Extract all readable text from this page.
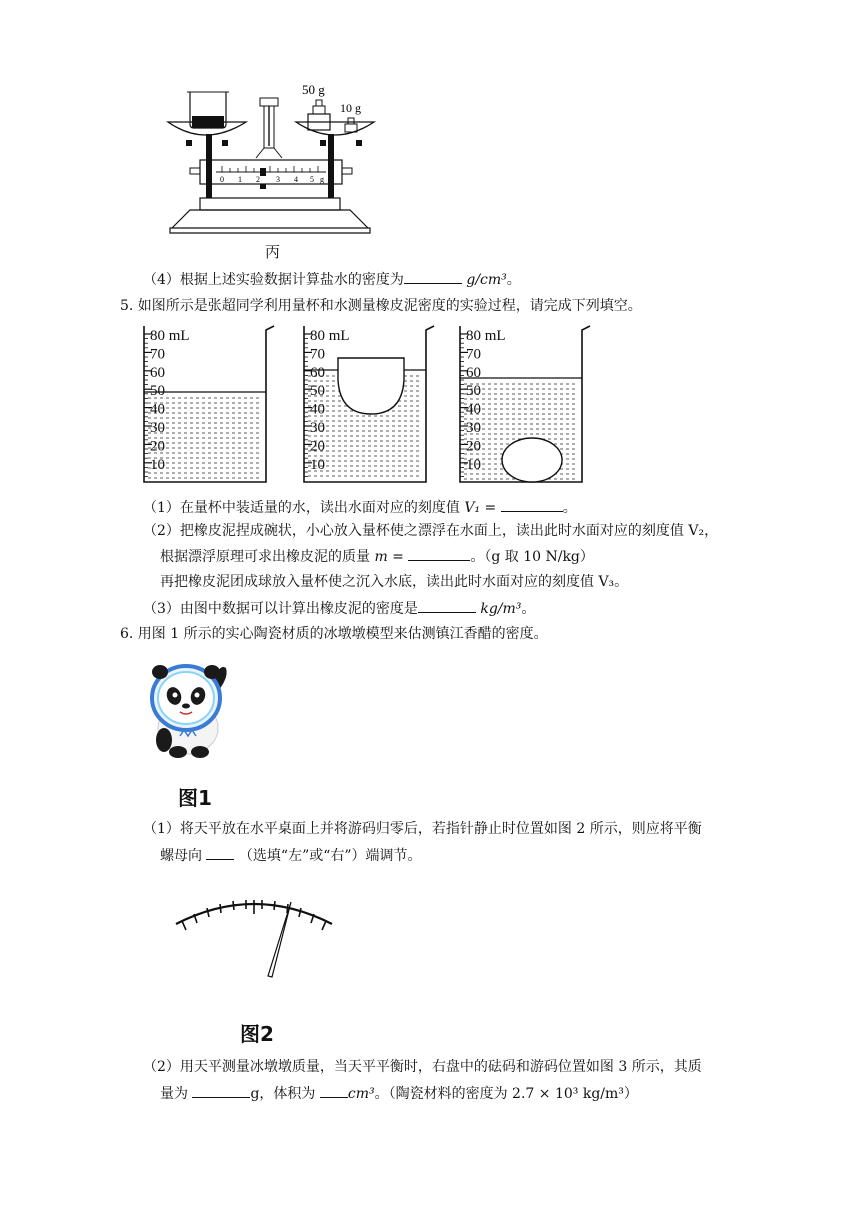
0 1 2 3 4 5 g
50 g
10 g
丙
（4）根据上述实验数据计算盐水的密度为	g/cm³。
5. 如图所示是张超同学利用量杯和水测量橡皮泥密度的实验过程，请完成下列填空。
80 mL
70
60
50
40
30
20
10
80 mL
70
60
50
40
30
20
10
80 mL
70
60
50
40
30
20
10
（1）在量杯中装适量的水，读出水面对应的刻度值 V₁ =	。
（2）把橡皮泥捏成碗状，小心放入量杯使之漂浮在水面上，读出此时水面对应的刻度值 V₂，
根据漂浮原理可求出橡皮泥的质量 m =	。（g 取 10 N/kg）
再把橡皮泥团成球放入量杯使之沉入水底，读出此时水面对应的刻度值 V₃。
（3）由图中数据可以计算出橡皮泥的密度是	kg/m³。
6. 用图 1 所示的实心陶瓷材质的冰墩墩模型来估测镇江香醋的密度。
图1
（1）将天平放在水平桌面上并将游码归零后，若指针静止时位置如图 2 所示，则应将平衡
螺母向	（选填“左”或“右”）端调节。
图2
（2）用天平测量冰墩墩质量，当天平平衡时，右盘中的砝码和游码位置如图 3 所示，其质
量为	g，体积为 cm³。（陶瓷材料的密度为 2.7 × 10³ kg/m³）
